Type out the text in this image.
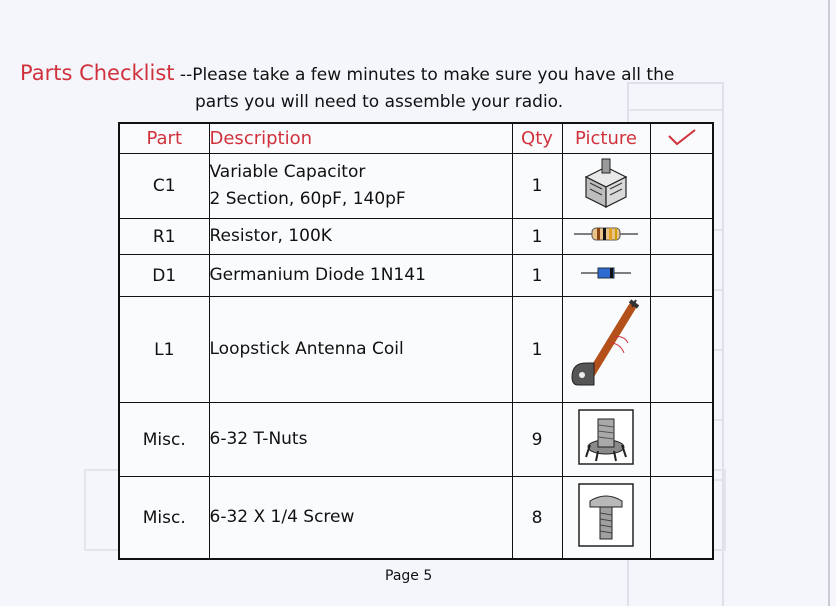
Parts Checklist --Please take a few minutes to make sure you have all the
parts you will need to assemble your radio.
Part	Description	Qty	Picture	
C1	Variable Capacitor
2 Section, 60pF, 140pF	1		
R1	Resistor, 100K	1		
D1	Germanium Diode 1N141	1		
L1	Loopstick Antenna Coil	1		
Misc.	6-32 T-Nuts	9		
Misc.	6-32 X 1/4 Screw	8		
Page 5
